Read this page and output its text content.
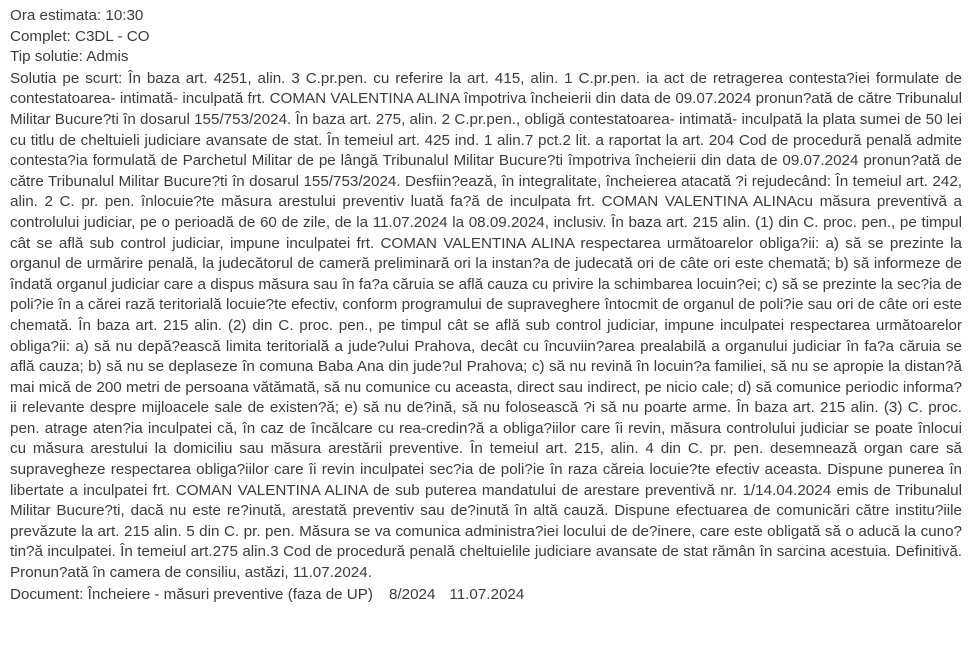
Ora estimata: 10:30
Complet: C3DL - CO
Tip solutie: Admis
Solutia pe scurt: În baza art. 4251, alin. 3 C.pr.pen. cu referire la art. 415, alin. 1 C.pr.pen. ia act de retragerea contesta?iei formulate de contestatoarea- intimată- inculpată frt. COMAN VALENTINA ALINA împotriva încheierii din data de 09.07.2024 pronun?ată de către Tribunalul Militar Bucure?ti în dosarul 155/753/2024. În baza art. 275, alin. 2 C.pr.pen., obligă contestatoarea- intimată- inculpată la plata sumei de 50 lei cu titlu de cheltuieli judiciare avansate de stat. În temeiul art. 425 ind. 1 alin.7 pct.2 lit. a raportat la art. 204 Cod de procedură penală admite contesta?ia formulată de Parchetul Militar de pe lângă Tribunalul Militar Bucure?ti împotriva încheierii din data de 09.07.2024 pronun?ată de către Tribunalul Militar Bucure?ti în dosarul 155/753/2024. Desfiin?ează, în integralitate, încheierea atacată ?i rejudecând: În temeiul art. 242, alin. 2 C. pr. pen. înlocuie?te măsura arestului preventiv luată fa?ă de inculpata frt. COMAN VALENTINA ALINAcu măsura preventivă a controlului judiciar, pe o perioadă de 60 de zile, de la 11.07.2024 la 08.09.2024, inclusiv. În baza art. 215 alin. (1) din C. proc. pen., pe timpul cât se află sub control judiciar, impune inculpatei frt. COMAN VALENTINA ALINA respectarea următoarelor obliga?ii: a) să se prezinte la organul de urmărire penală, la judecătorul de cameră preliminară ori la instan?a de judecată ori de câte ori este chemată; b) să informeze de îndată organul judiciar care a dispus măsura sau în fa?a căruia se află cauza cu privire la schimbarea locuin?ei; c) să se prezinte la sec?ia de poli?ie în a cărei rază teritorială locuie?te efectiv, conform programului de supraveghere întocmit de organul de poli?ie sau ori de câte ori este chemată. În baza art. 215 alin. (2) din C. proc. pen., pe timpul cât se află sub control judiciar, impune inculpatei respectarea următoarelor obliga?ii: a) să nu depă?ească limita teritorială a jude?ului Prahova, decât cu încuviin?area prealabilă a organului judiciar în fa?a căruia se află cauza; b) să nu se deplaseze în comuna Baba Ana din jude?ul Prahova; c) să nu revină în locuin?a familiei, să nu se apropie la distan?ă mai mică de 200 metri de persoana vătămată, să nu comunice cu aceasta, direct sau indirect, pe nicio cale; d) să comunice periodic informa?ii relevante despre mijloacele sale de existen?ă; e) să nu de?ină, să nu folosească ?i să nu poarte arme. În baza art. 215 alin. (3) C. proc. pen. atrage aten?ia inculpatei că, în caz de încălcare cu rea-credin?ă a obliga?iilor care îi revin, măsura controlului judiciar se poate înlocui cu măsura arestului la domiciliu sau măsura arestării preventive. În temeiul art. 215, alin. 4 din C. pr. pen. desemnează organ care să supravegheze respectarea obliga?iilor care îi revin inculpatei sec?ia de poli?ie în raza căreia locuie?te efectiv aceasta. Dispune punerea în libertate a inculpatei frt. COMAN VALENTINA ALINA de sub puterea mandatului de arestare preventivă nr. 1/14.04.2024 emis de Tribunalul Militar Bucure?ti, dacă nu este re?inută, arestată preventiv sau de?inută în altă cauză. Dispune efectuarea de comunicări către institu?iile prevăzute la art. 215 alin. 5 din C. pr. pen. Măsura se va comunica administra?iei locului de de?inere, care este obligată să o aducă la cuno?tin?ă inculpatei. În temeiul art.275 alin.3 Cod de procedură penală cheltuielile judiciare avansate de stat rămân în sarcina acestuia. Definitivă. Pronun?ată în camera de consiliu, astăzi, 11.07.2024.
Document: Încheiere - măsuri preventive (faza de UP) 8/2024 11.07.2024
